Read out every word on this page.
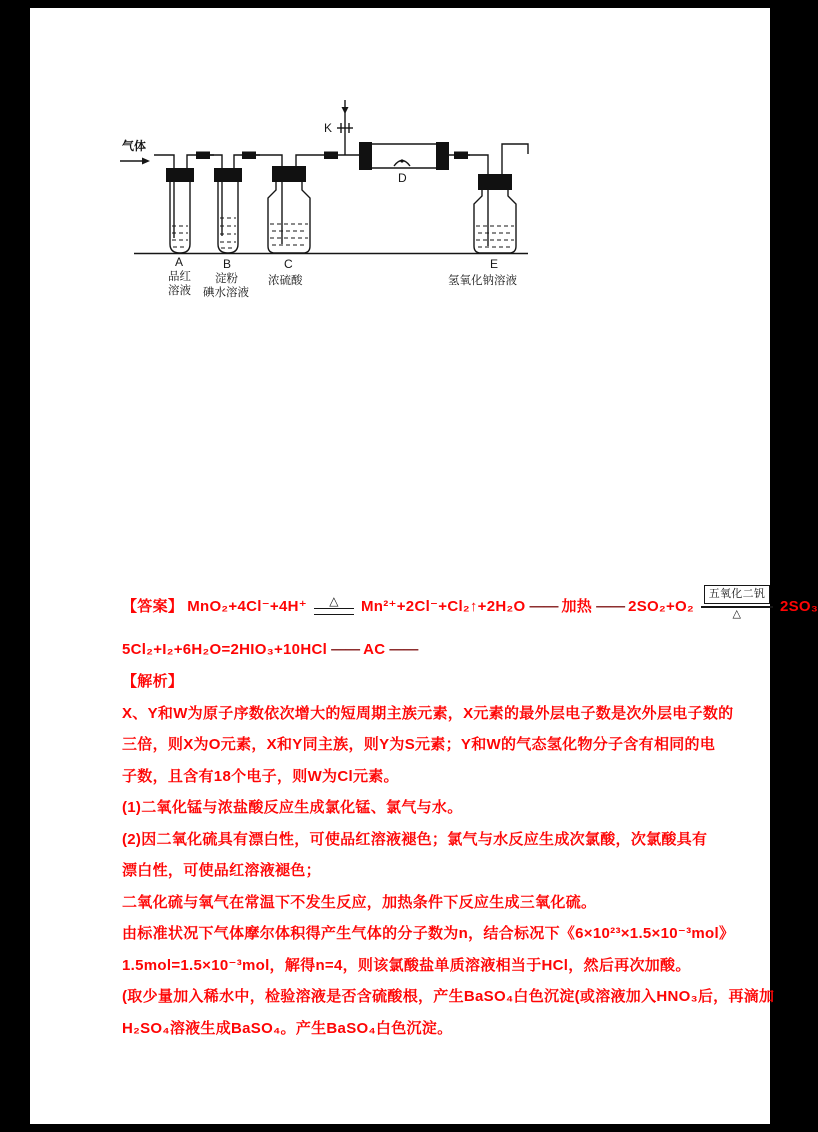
气体
K
A
品红
溶液
B
淀粉
碘水溶液
C
浓硫酸
D
E
氢氧化钠溶液
【答案】 MnO₂+4Cl⁻+4H⁺ △ Mn²⁺+2Cl⁻+Cl₂↑+2H₂O —— 加热 —— 2SO₂+O₂
五氧化二钒
△	2SO₃
5Cl₂+I₂+6H₂O=2HIO₃+10HCl —— AC ——
【解析】
X、Y和W为原子序数依次增大的短周期主族元素，X元素的最外层电子数是次外层电子数的
三倍，则X为O元素，X和Y同主族，则Y为S元素；Y和W的气态氢化物分子含有相同的电
子数，且含有18个电子，则W为Cl元素。
(1)二氧化锰与浓盐酸反应生成氯化锰、氯气与水。
(2)因二氧化硫具有漂白性，可使品红溶液褪色；氯气与水反应生成次氯酸，次氯酸具有
漂白性，可使品红溶液褪色；
二氧化硫与氧气在常温下不发生反应，加热条件下反应生成三氧化硫。
由标准状况下气体摩尔体积得产生气体的分子数为n，结合标况下《6×10²³×1.5×10⁻³mol》
1.5mol=1.5×10⁻³mol，解得n=4，则该氯酸盐单质溶液相当于HCl，然后再次加酸。
(取少量加入稀水中，检验溶液是否含硫酸根，产生BaSO₄白色沉淀(或溶液加入HNO₃后，再滴加
H₂SO₄溶液生成BaSO₄。产生BaSO₄白色沉淀。
